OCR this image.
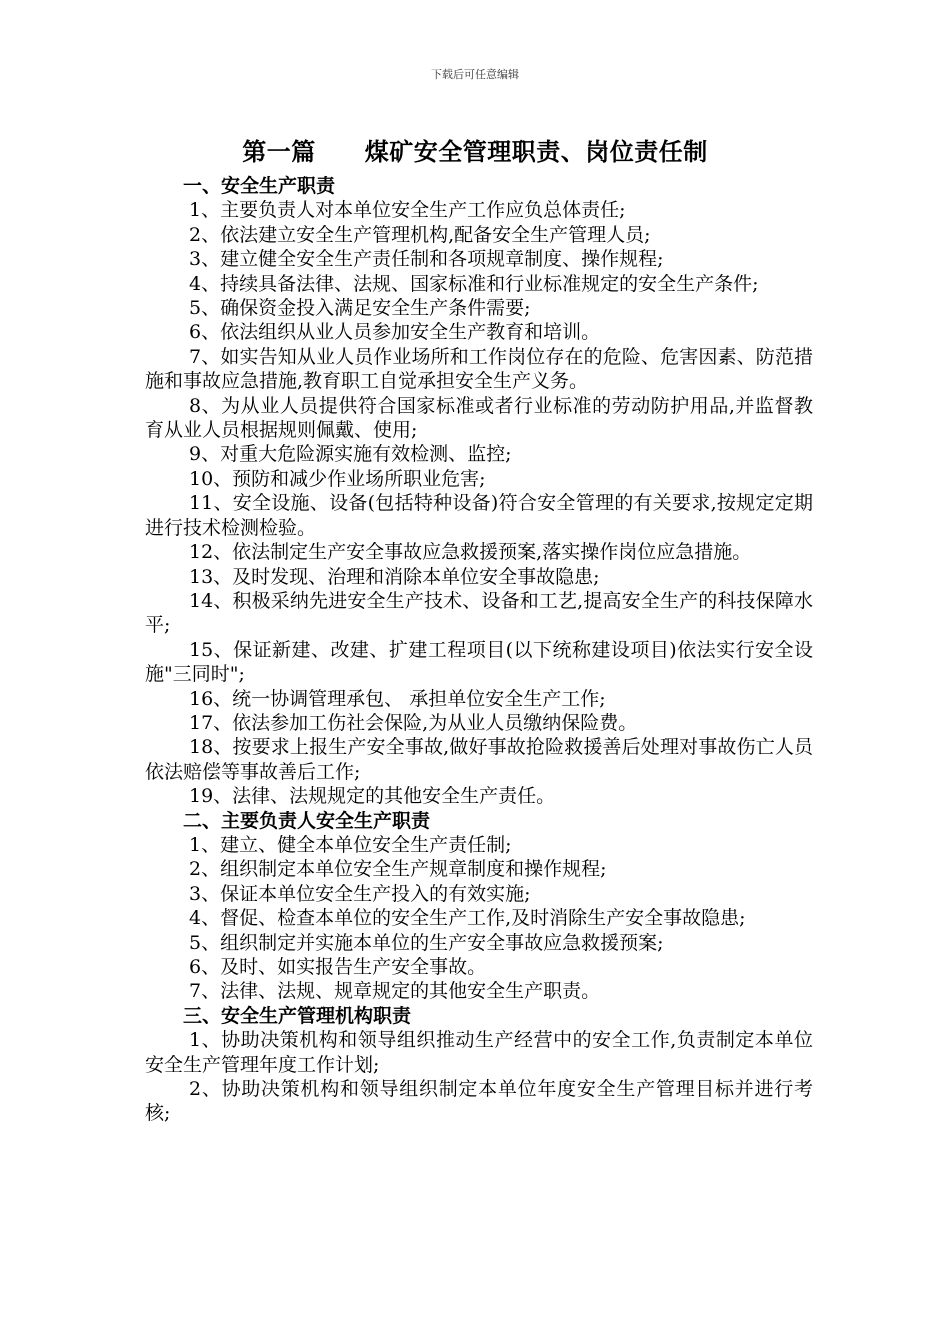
下载后可任意编辑
第一篇　　煤矿安全管理职责、岗位责任制

一、安全生产职责

1、主要负责人对本单位安全生产工作应负总体责任;

2、依法建立安全生产管理机构,配备安全生产管理人员;

3、建立健全安全生产责任制和各项规章制度、操作规程;

4、持续具备法律、法规、国家标准和行业标准规定的安全生产条件;

5、确保资金投入满足安全生产条件需要;

6、依法组织从业人员参加安全生产教育和培训。

7、如实告知从业人员作业场所和工作岗位存在的危险、危害因素、防范措施和事故应急措施,教育职工自觉承担安全生产义务。

8、为从业人员提供符合国家标准或者行业标准的劳动防护用品,并监督教育从业人员根据规则佩戴、使用;

9、对重大危险源实施有效检测、监控;

10、预防和减少作业场所职业危害;

11、安全设施、设备(包括特种设备)符合安全管理的有关要求,按规定定期进行技术检测检验。

12、依法制定生产安全事故应急救援预案,落实操作岗位应急措施。

13、及时发现、治理和消除本单位安全事故隐患;

14、积极采纳先进安全生产技术、设备和工艺,提高安全生产的科技保障水平;

15、保证新建、改建、扩建工程项目(以下统称建设项目)依法实行安全设施"三同时";

16、统一协调管理承包、 承担单位安全生产工作;

17、依法参加工伤社会保险,为从业人员缴纳保险费。

18、按要求上报生产安全事故,做好事故抢险救援善后处理对事故伤亡人员依法赔偿等事故善后工作;

19、法律、法规规定的其他安全生产责任。

二、主要负责人安全生产职责

1、建立、健全本单位安全生产责任制;

2、组织制定本单位安全生产规章制度和操作规程;

3、保证本单位安全生产投入的有效实施;

4、督促、检查本单位的安全生产工作,及时消除生产安全事故隐患;

5、组织制定并实施本单位的生产安全事故应急救援预案;

6、及时、如实报告生产安全事故。

7、法律、法规、规章规定的其他安全生产职责。

三、安全生产管理机构职责

1、协助决策机构和领导组织推动生产经营中的安全工作,负责制定本单位安全生产管理年度工作计划;

2、协助决策机构和领导组织制定本单位年度安全生产管理目标并进行考核;
